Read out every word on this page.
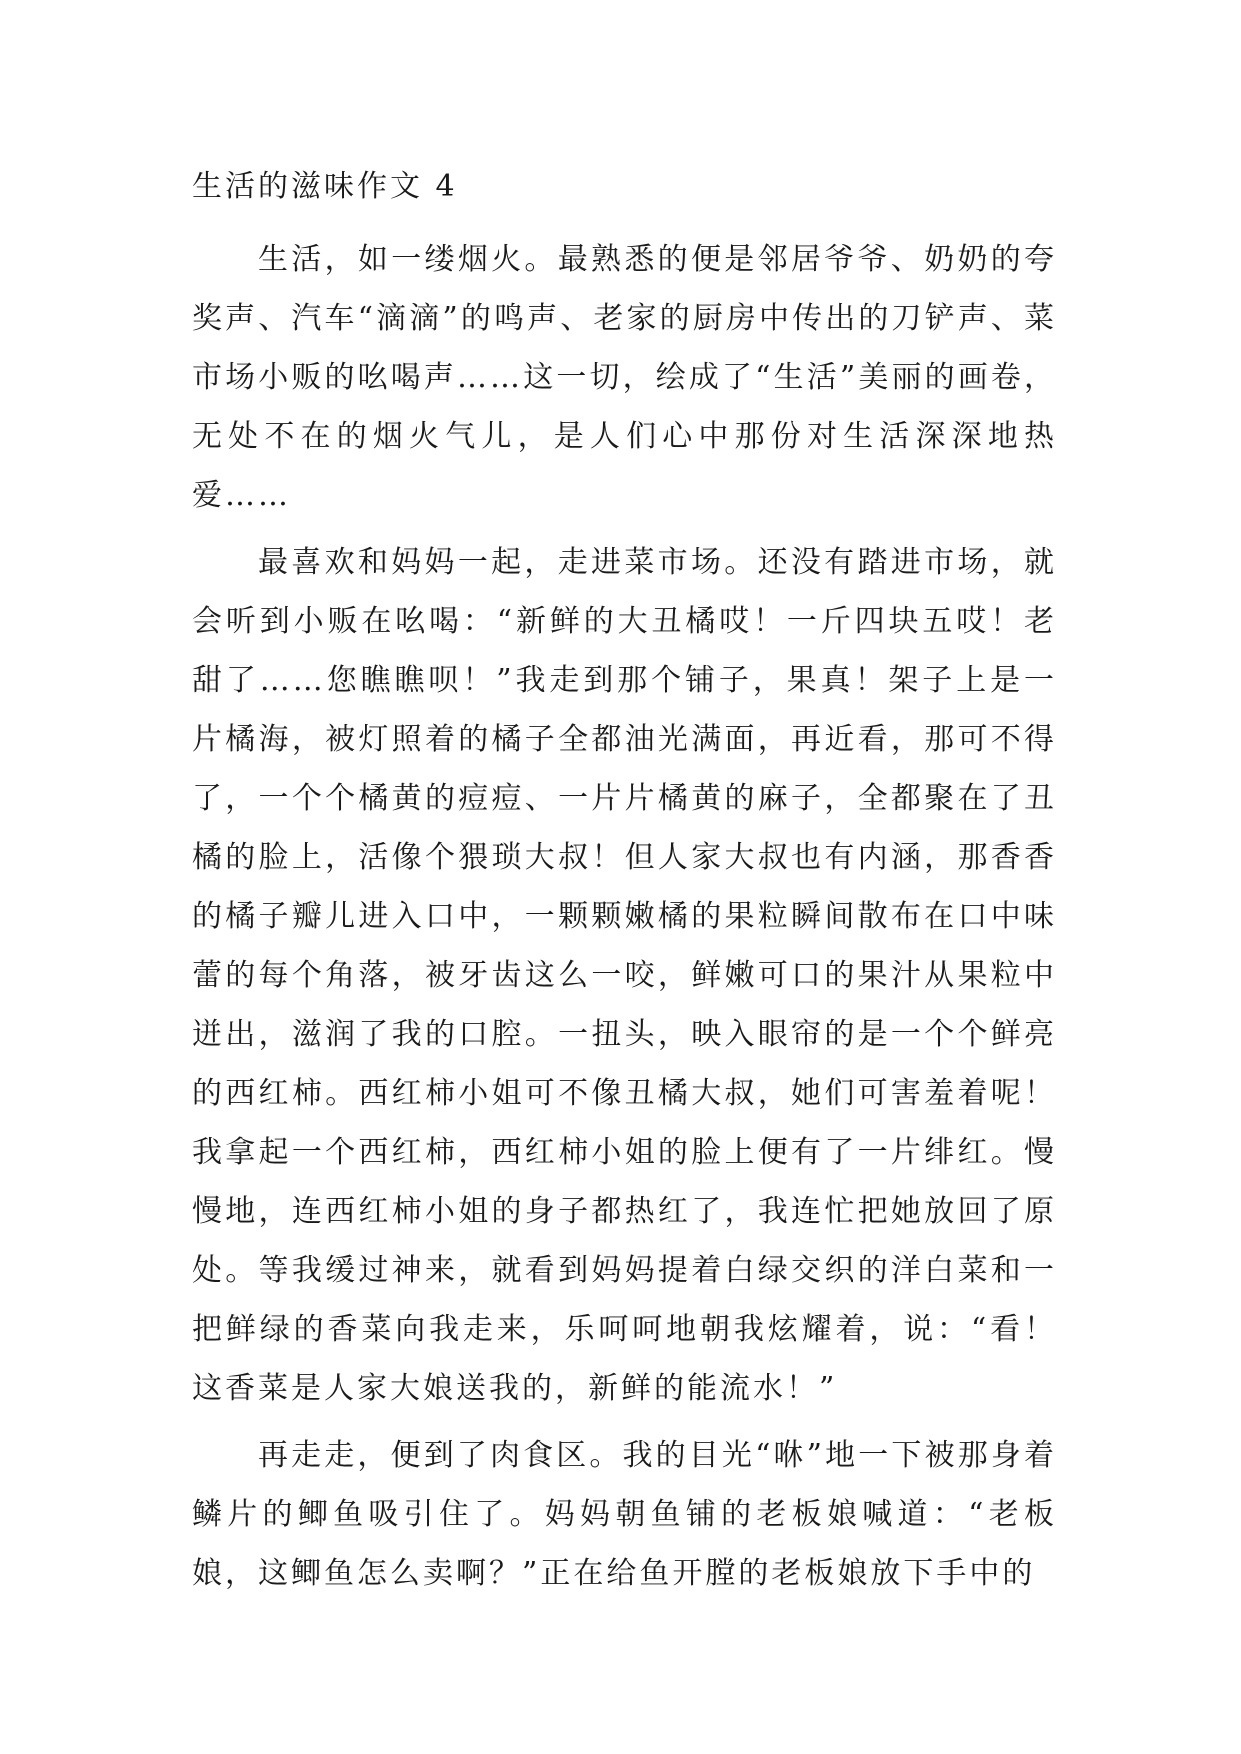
生活的滋味作文 4

生活，如一缕烟火。最熟悉的便是邻居爷爷、奶奶的夸奖声、汽车“滴滴”的鸣声、老家的厨房中传出的刀铲声、菜市场小贩的吆喝声……这一切，绘成了“生活”美丽的画卷，无处不在的烟火气儿，是人们心中那份对生活深深地热爱……

最喜欢和妈妈一起，走进菜市场。还没有踏进市场，就会听到小贩在吆喝：“新鲜的大丑橘哎！一斤四块五哎！老甜了……您瞧瞧呗！”我走到那个铺子，果真！架子上是一片橘海，被灯照着的橘子全都油光满面，再近看，那可不得了，一个个橘黄的痘痘、一片片橘黄的麻子，全都聚在了丑橘的脸上，活像个猥琐大叔！但人家大叔也有内涵，那香香的橘子瓣儿进入口中，一颗颗嫩橘的果粒瞬间散布在口中味蕾的每个角落，被牙齿这么一咬，鲜嫩可口的果汁从果粒中迸出，滋润了我的口腔。一扭头，映入眼帘的是一个个鲜亮的西红柿。西红柿小姐可不像丑橘大叔，她们可害羞着呢！我拿起一个西红柿，西红柿小姐的脸上便有了一片绯红。慢慢地，连西红柿小姐的身子都热红了，我连忙把她放回了原处。等我缓过神来，就看到妈妈提着白绿交织的洋白菜和一把鲜绿的香菜向我走来，乐呵呵地朝我炫耀着，说：“看！这香菜是人家大娘送我的，新鲜的能流水！”

再走走，便到了肉食区。我的目光“咻”地一下被那身着鳞片的鲫鱼吸引住了。妈妈朝鱼铺的老板娘喊道：“老板娘，这鲫鱼怎么卖啊？”正在给鱼开膛的老板娘放下手中的
